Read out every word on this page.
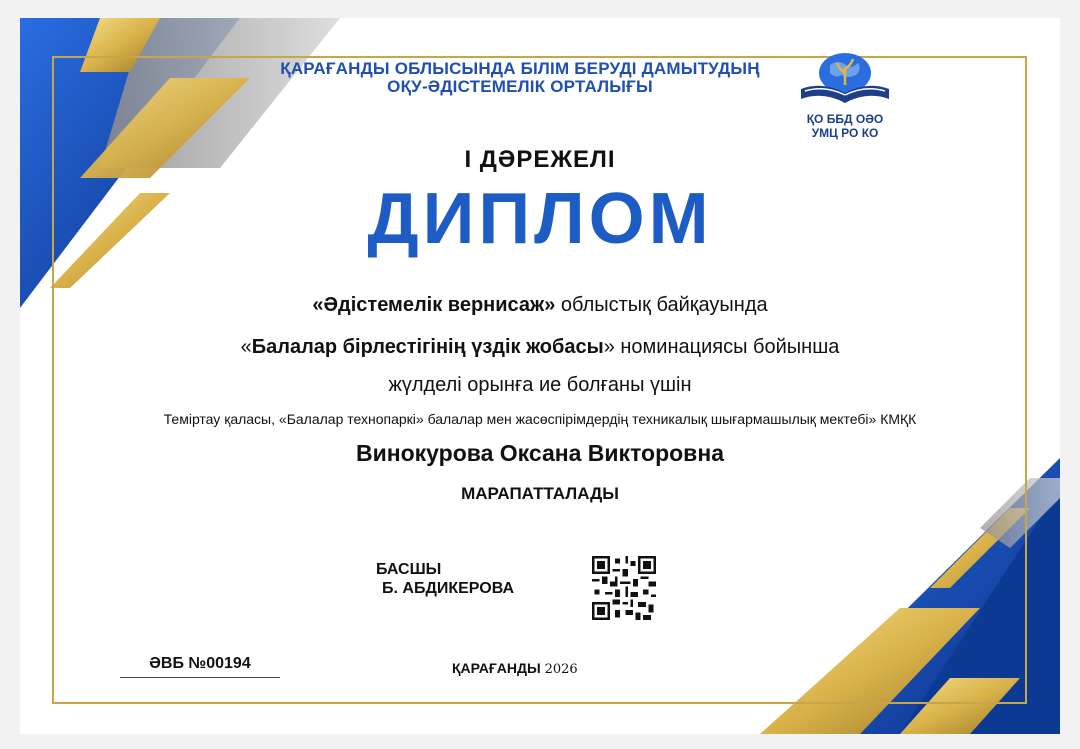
ҚАРАҒАНДЫ ОБЛЫСЫНДА БІЛІМ БЕРУДІ ДАМЫТУДЫҢ
ОҚУ-ӘДІСТЕМЕЛІК ОРТАЛЫҒЫ
ҚО ББД ОӘО
УМЦ РО КО
І ДӘРЕЖЕЛІ
ДИПЛОМ
«Әдістемелік вернисаж» облыстық байқауында
«Балалар бірлестігінің үздік жобасы» номинациясы бойынша
жүлделі орынға ие болғаны үшін
Теміртау қаласы, «Балалар технопаркі» балалар мен жасөспірімдердің техникалық шығармашылық мектебі» КМҚК
Винокурова Оксана Викторовна
МАРАПАТТАЛАДЫ
БАСШЫ
Б. АБДИКЕРОВА
ӘВБ №00194	ҚАРАҒАНДЫ 2026
